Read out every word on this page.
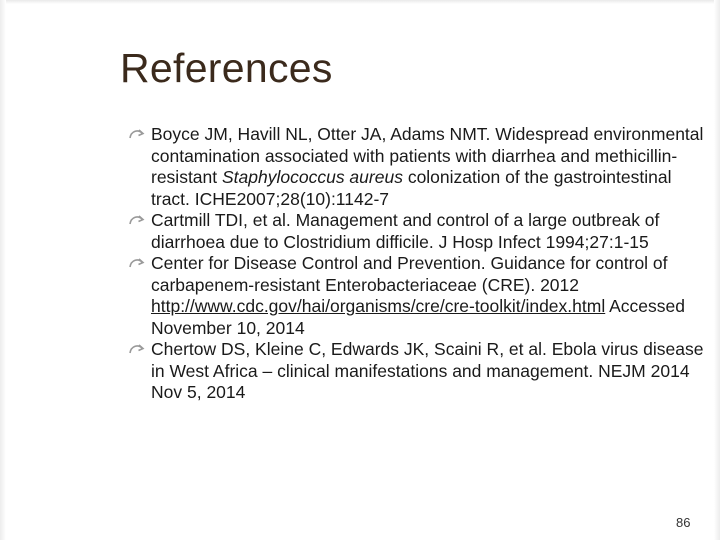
References
Boyce JM, Havill NL, Otter JA, Adams NMT. Widespread environmental contamination associated with patients with diarrhea and methicillin-resistant Staphylococcus aureus colonization of the gastrointestinal tract. ICHE2007;28(10):1142-7
Cartmill TDI, et al. Management and control of a large outbreak of diarrhoea due to Clostridium difficile. J Hosp Infect 1994;27:1-15
Center for Disease Control and Prevention. Guidance for control of carbapenem-resistant Enterobacteriaceae (CRE). 2012 http://www.cdc.gov/hai/organisms/cre/cre-toolkit/index.html Accessed November 10, 2014
Chertow DS, Kleine C, Edwards JK, Scaini R, et al. Ebola virus disease in West Africa – clinical manifestations and management. NEJM 2014 Nov 5, 2014
86
